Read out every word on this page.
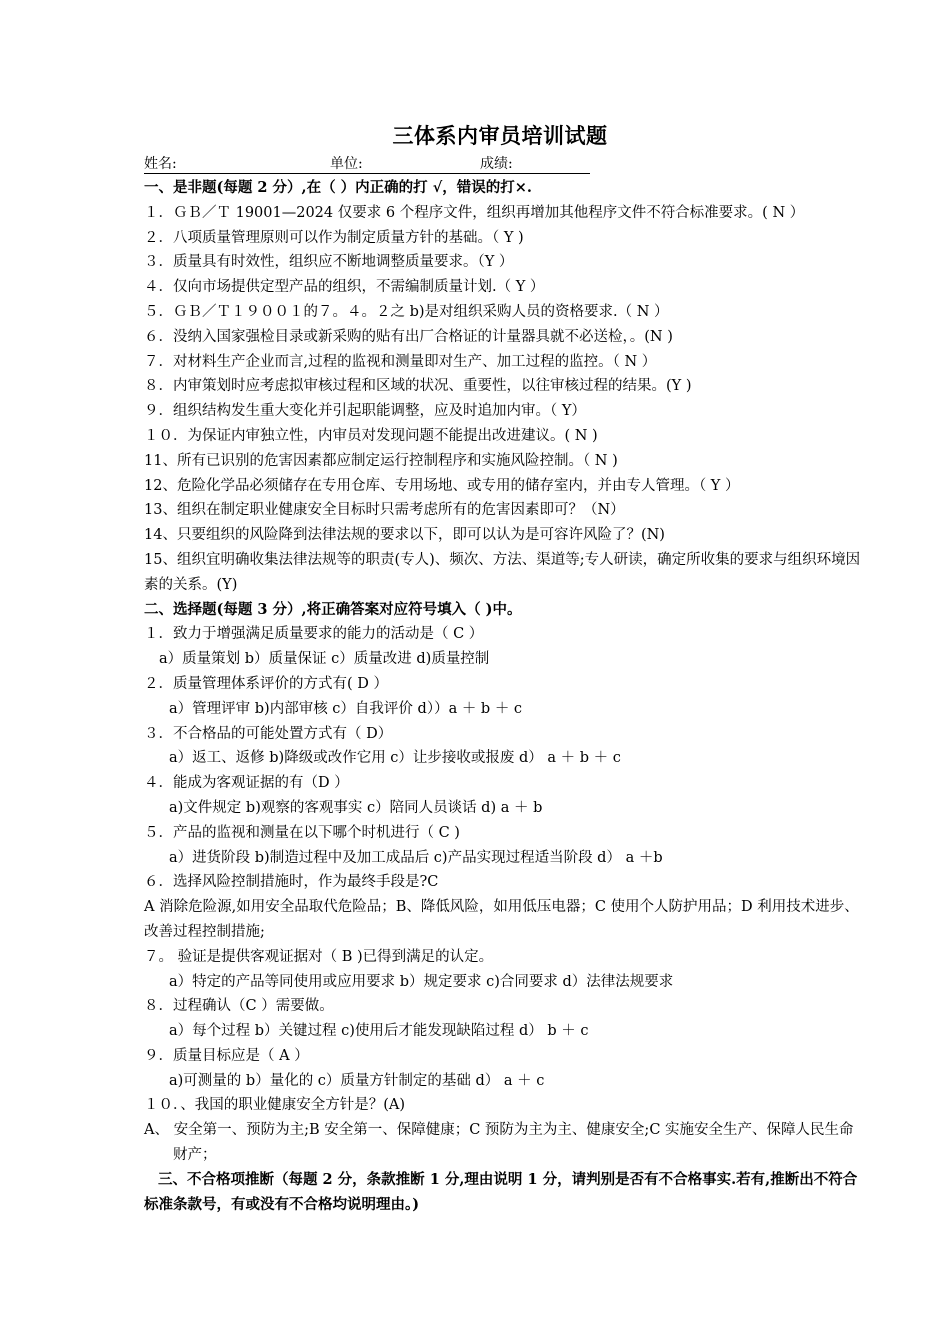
三体系内审员培训试题
姓名:	单位:	成绩:
一、是非题(每题 2 分）,在（ ）内正确的打 √，错误的打×.
１．ＧＢ／Ｔ 19001—2024 仅要求 6 个程序文件，组织再增加其他程序文件不符合标准要求。( N ）
２．八项质量管理原则可以作为制定质量方针的基础。（ Y )
３．质量具有时效性，组织应不断地调整质量要求。（Y ）
４．仅向市场提供定型产品的组织，不需编制质量计划.（ Y ）
５．ＧＢ／Ｔ１９００１的７。４。２之 b)是对组织采购人员的资格要求.（ N ）
６．没纳入国家强检目录或新采购的贴有出厂合格证的计量器具就不必送检，。(N )
７．对材料生产企业而言,过程的监视和测量即对生产、加工过程的监控。（ N ）
８．内审策划时应考虑拟审核过程和区域的状况、重要性，以往审核过程的结果。(Y )
９．组织结构发生重大变化并引起职能调整，应及时追加内审。（ Y）
１０．为保证内审独立性，内审员对发现问题不能提出改进建议。( N )
11、所有已识别的危害因素都应制定运行控制程序和实施风险控制。（ N )
12、危险化学品必须储存在专用仓库、专用场地、或专用的储存室内，并由专人管理。（ Y ）
13、组织在制定职业健康安全目标时只需考虑所有的危害因素即可？（N）
14、只要组织的风险降到法律法规的要求以下，即可以认为是可容许风险了？(N)
15、组织宜明确收集法律法规等的职责(专人)、频次、方法、渠道等;专人研读，确定所收集的要求与组织环境因素的关系。(Y)
二、选择题(每题 3 分）,将正确答案对应符号填入（ )中。
１．致力于增强满足质量要求的能力的活动是（ C ）
a）质量策划 b）质量保证 c）质量改进 d)质量控制
２．质量管理体系评价的方式有( D ）
a）管理评审 b)内部审核 c）自我评价 d））a ＋ b ＋ c
３．不合格品的可能处置方式有（ D）
a）返工、返修 b)降级或改作它用 c）让步接收或报废 d） a ＋ b ＋ c
４．能成为客观证据的有（D ）
a)文件规定 b)观察的客观事实 c）陪同人员谈话 d) a ＋ b
５．产品的监视和测量在以下哪个时机进行（ C )
a）进货阶段 b)制造过程中及加工成品后 c)产品实现过程适当阶段 d） a ＋b
６．选择风险控制措施时，作为最终手段是?C
A 消除危险源,如用安全品取代危险品；B、降低风险，如用低压电器；C 使用个人防护用品；D 利用技术进步、改善过程控制措施;
７。 验证是提供客观证据对（ B )已得到满足的认定。
a）特定的产品等同使用或应用要求 b）规定要求 c)合同要求 d）法律法规要求
８．过程确认（C ）需要做。
a）每个过程 b）关键过程 c)使用后才能发现缺陷过程 d） b ＋ c
９．质量目标应是（ A ）
a)可测量的 b）量化的 c）质量方针制定的基础 d） a ＋ c
１０．、我国的职业健康安全方针是？(A)
A、 安全第一、预防为主;B 安全第一、保障健康；C 预防为主为主、健康安全;C 实施安全生产、保障人民生命财产；
三、不合格项推断（每题 2 分，条款推断 1 分,理由说明 1 分，请判别是否有不合格事实.若有,推断出不符合标准条款号，有或没有不合格均说明理由。)
